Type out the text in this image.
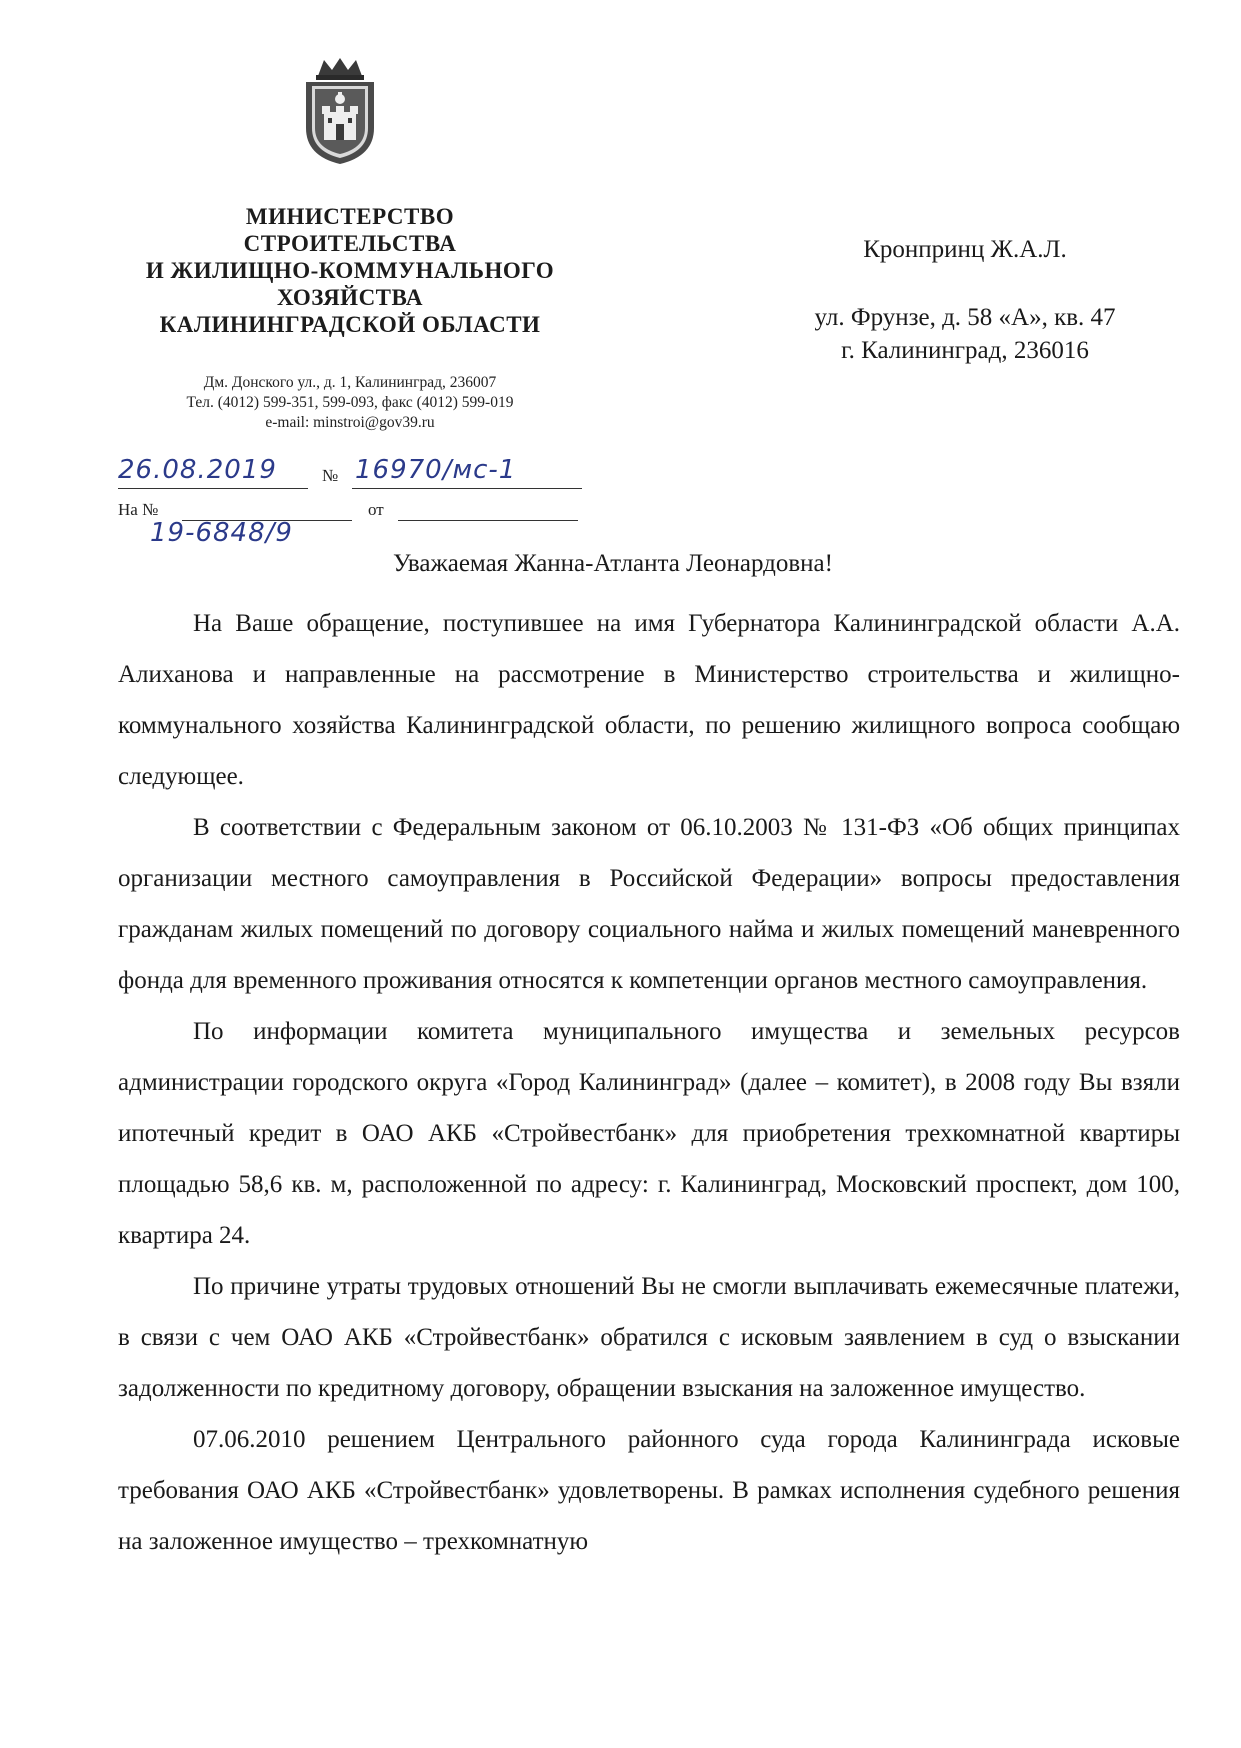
МИНИСТЕРСТВО
СТРОИТЕЛЬСТВА
И ЖИЛИЩНО-КОММУНАЛЬНОГО
ХОЗЯЙСТВА
КАЛИНИНГРАДСКОЙ ОБЛАСТИ
Дм. Донского ул., д. 1, Калининград, 236007
Тел. (4012) 599-351, 599-093, факс (4012) 599-019
e-mail: minstroi@gov39.ru
26.08.2019	№ 16970/мс-1
На №	от
19-6848/9
Кронпринц Ж.А.Л.
ул. Фрунзе, д. 58 «А», кв. 47
г. Калининград, 236016
Уважаемая Жанна-Атланта Леонардовна!

На Ваше обращение, поступившее на имя Губернатора Калининградской области А.А. Алиханова и направленные на рассмотрение в Министерство строительства и жилищно-коммунального хозяйства Калининградской области, по решению жилищного вопроса сообщаю следующее.

В соответствии с Федеральным законом от 06.10.2003 № 131-ФЗ «Об общих принципах организации местного самоуправления в Российской Федерации» вопросы предоставления гражданам жилых помещений по договору социального найма и жилых помещений маневренного фонда для временного проживания относятся к компетенции органов местного самоуправления.

По информации комитета муниципального имущества и земельных ресурсов администрации городского округа «Город Калининград» (далее – комитет), в 2008 году Вы взяли ипотечный кредит в ОАО АКБ «Стройвестбанк» для приобретения трехкомнатной квартиры площадью 58,6 кв. м, расположенной по адресу: г. Калининград, Московский проспект, дом 100, квартира 24.

По причине утраты трудовых отношений Вы не смогли выплачивать ежемесячные платежи, в связи с чем ОАО АКБ «Стройвестбанк» обратился с исковым заявлением в суд о взыскании задолженности по кредитному договору, обращении взыскания на заложенное имущество.

07.06.2010 решением Центрального районного суда города Калининграда исковые требования ОАО АКБ «Стройвестбанк» удовлетворены. В рамках исполнения судебного решения на заложенное имущество – трехкомнатную
